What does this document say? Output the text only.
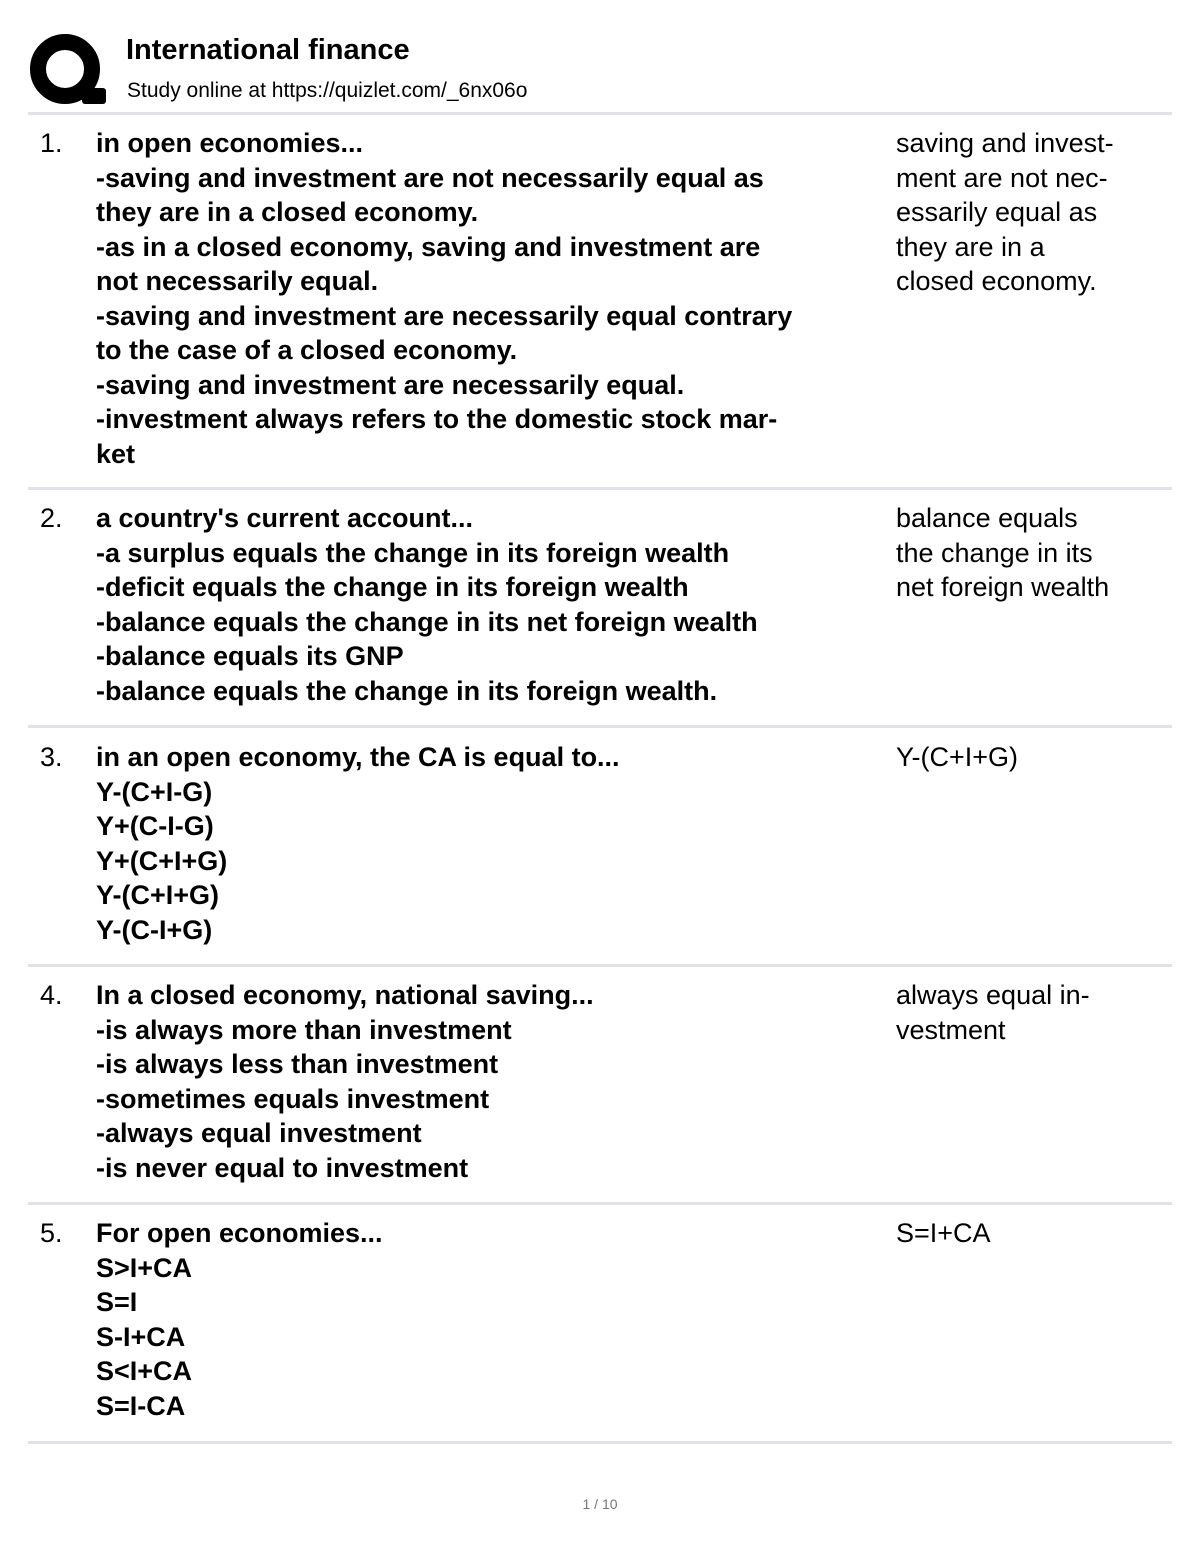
International finance
Study online at https://quizlet.com/_6nx06o
1. in open economies...
-saving and investment are not necessarily equal as
they are in a closed economy.
-as in a closed economy, saving and investment are
not necessarily equal.
-saving and investment are necessarily equal contrary
to the case of a closed economy.
-saving and investment are necessarily equal.
-investment always refers to the domestic stock mar-
ket
saving and invest-
ment are not nec-
essarily equal as
they are in a
closed economy.
2. a country's current account...
-a surplus equals the change in its foreign wealth
-deficit equals the change in its foreign wealth
-balance equals the change in its net foreign wealth
-balance equals its GNP
-balance equals the change in its foreign wealth.
balance equals
the change in its
net foreign wealth
3. in an open economy, the CA is equal to...
Y-(C+I-G)
Y+(C-I-G)
Y+(C+I+G)
Y-(C+I+G)
Y-(C-I+G)
Y-(C+I+G)
4. In a closed economy, national saving...
-is always more than investment
-is always less than investment
-sometimes equals investment
-always equal investment
-is never equal to investment
always equal in-
vestment
5. For open economies...
S>I+CA
S=I
S-I+CA
S<I+CA
S=I-CA
S=I+CA
1 / 10
